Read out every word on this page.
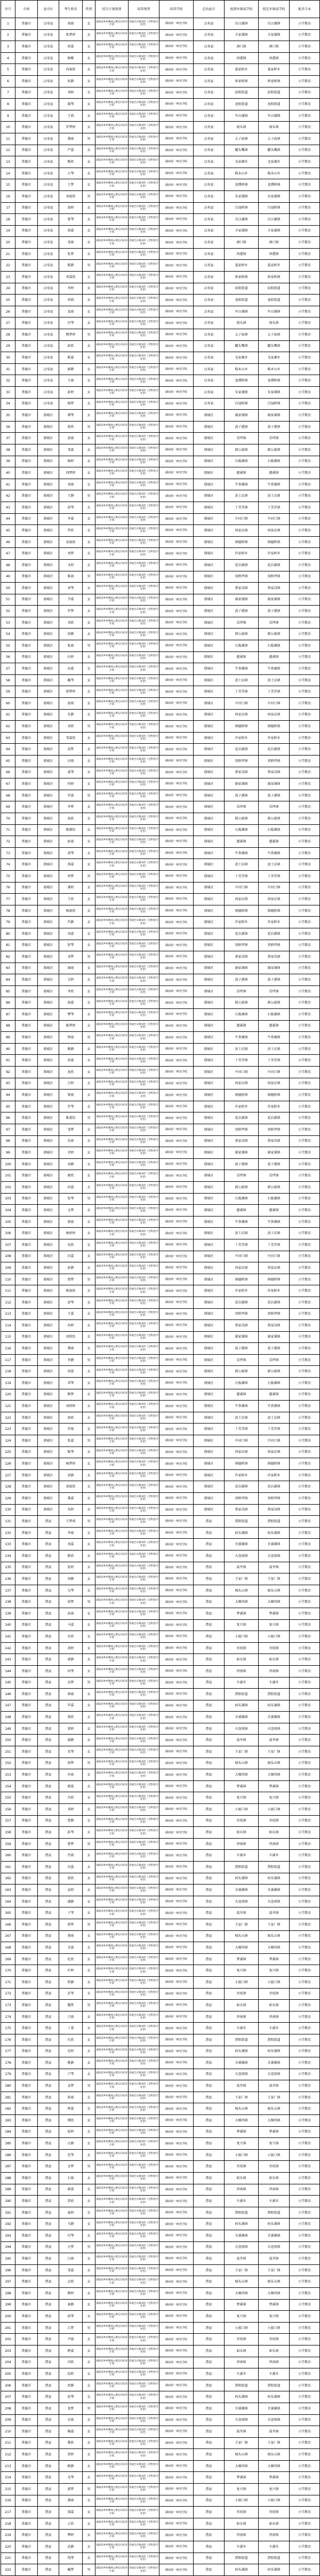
序号	市州	县市区	考生姓名	性别	招生计划类别	培养类型	培养学校	定向县市	报到乡镇或学校	拟定乡镇或学校	报名专业
1	常德市	汉寿县	胡雨	女	湖南省乡村教师公费定向培养计划	普通全日制本科（全科型/专业型）	湖南第一师范学院	汉寿县	岩汪湖镇	岩汪湖镇	小学教育
2	常德市	汉寿县	张梦婷	女	湖南省乡村教师公费定向培养计划	普通全日制本科（全科型/专业型）	湖南第一师范学院	汉寿县	丰家铺镇	丰家铺镇	小学教育
3	常德市	汉寿县	雷嘉	女	湖南省乡村教师公费定向培养计划	普通全日制本科（全科型/专业型）	湖南第一师范学院	汉寿县	洲口镇	洲口镇	小学教育
4	常德市	汉寿县	杨紫	女	湖南省乡村教师公费定向培养计划	普通全日制本科（全科型/专业型）	湖南第一师范学院	汉寿县	酉港镇	酉港镇	小学教育
5	常德市	汉寿县	向雨欣	女	湖南省乡村教师公费定向培养计划	普通全日制本科（全科型/专业型）	湖南第一师范学院	汉寿县	聂家桥乡	聂家桥乡	小学教育
6	常德市	汉寿县	张静	女	湖南省乡村教师公费定向培养计划	普通全日制本科（全科型/专业型）	湖南第一师范学院	汉寿县	崔家桥镇	崔家桥镇	小学教育
7	常德市	汉寿县	刘婷	女	湖南省乡村教师公费定向培养计划	普通全日制本科（全科型/专业型）	湖南第一师范学院	汉寿县	辰阳街道	辰阳街道	小学教育
8	常德市	汉寿县	谢琴	女	湖南省乡村教师公费定向培养计划	普通全日制本科（全科型/专业型）	湖南第一师范学院	汉寿县	龙阳街道	龙阳街道	小学教育
9	常德市	汉寿县	王莉	女	湖南省乡村教师公费定向培养计划	普通全日制本科（全科型/专业型）	湖南第一师范学院	汉寿县	军山铺镇	军山铺镇	小学教育
10	常德市	汉寿县	罗梦婷	女	湖南省乡村教师公费定向培养计划	普通全日制本科（全科型/专业型）	湖南第一师范学院	汉寿县	坡头镇	坡头镇	小学教育
11	常德市	汉寿县	龚雨	男	湖南省乡村教师公费定向培养计划	普通全日制本科（全科型/专业型）	湖南第一师范学院	汉寿县	太子庙镇	太子庙镇	小学教育
12	常德市	汉寿县	严嘉	女	湖南省乡村教师公费定向培养计划	普通全日制本科（全科型/专业型）	湖南第一师范学院	汉寿县	罐头嘴镇	罐头嘴镇	小学教育
13	常德市	汉寿县	熊欣	女	湖南省乡村教师公费定向培养计划	普通全日制本科（全科型/专业型）	湖南第一师范学院	汉寿县	毛家滩乡	毛家滩乡	小学教育
14	常德市	汉寿县	万琴	女	湖南省乡村教师公费定向培养计划	普通全日制本科（全科型/专业型）	湖南第一师范学院	汉寿县	株木山乡	株木山乡	小学教育
15	常德市	汉寿县	王梦	女	湖南省乡村教师公费定向培养计划	普通全日制本科（全科型/专业型）	湖南第一师范学院	汉寿县	龙潭桥镇	龙潭桥镇	小学教育
16	常德市	汉寿县	刘雨欣	男	湖南省乡村教师公费定向培养计划	普通全日制本科（全科型/专业型）	湖南第一师范学院	汉寿县	朱家铺镇	朱家铺镇	小学教育
17	常德市	汉寿县	黄婷	女	湖南省乡村教师公费定向培养计划	普通全日制本科（全科型/专业型）	湖南第一师范学院	汉寿县	百禄桥镇	百禄桥镇	小学教育
18	常德市	汉寿县	曾琴	女	湖南省乡村教师公费定向培养计划	普通全日制本科（全科型/专业型）	湖南第一师范学院	汉寿县	岩汪湖镇	岩汪湖镇	小学教育
19	常德市	汉寿县	胡嘉	女	湖南省乡村教师公费定向培养计划	普通全日制本科（全科型/专业型）	湖南第一师范学院	汉寿县	丰家铺镇	丰家铺镇	小学教育
20	常德市	汉寿县	邓雨	女	湖南省乡村教师公费定向培养计划	普通全日制本科（全科型/专业型）	湖南第一师范学院	汉寿县	洲口镇	洲口镇	小学教育
21	常德市	汉寿县	张梦	女	湖南省乡村教师公费定向培养计划	普通全日制本科（全科型/专业型）	湖南第一师范学院	汉寿县	酉港镇	酉港镇	小学教育
22	常德市	汉寿县	陈静	男	湖南省乡村教师公费定向培养计划	普通全日制本科（全科型/专业型）	湖南第一师范学院	汉寿县	聂家桥乡	聂家桥乡	小学教育
23	常德市	汉寿县	刘嘉欣	女	湖南省乡村教师公费定向培养计划	普通全日制本科（全科型/专业型）	湖南第一师范学院	汉寿县	崔家桥镇	崔家桥镇	小学教育
24	常德市	汉寿县	李婷	女	湖南省乡村教师公费定向培养计划	普通全日制本科（全科型/专业型）	湖南第一师范学院	汉寿县	辰阳街道	辰阳街道	小学教育
25	常德市	汉寿县	周莉	女	湖南省乡村教师公费定向培养计划	普通全日制本科（全科型/专业型）	湖南第一师范学院	汉寿县	龙阳街道	龙阳街道	小学教育
26	常德市	汉寿县	龙雨	女	湖南省乡村教师公费定向培养计划	普通全日制本科（全科型/专业型）	湖南第一师范学院	汉寿县	军山铺镇	军山铺镇	小学教育
27	常德市	汉寿县	付琴	女	湖南省乡村教师公费定向培养计划	普通全日制本科（全科型/专业型）	湖南第一师范学院	汉寿县	坡头镇	坡头镇	小学教育
28	常德市	汉寿县	熊梦婷	男	湖南省乡村教师公费定向培养计划	普通全日制本科（全科型/专业型）	湖南第一师范学院	汉寿县	太子庙镇	太子庙镇	小学教育
29	常德市	汉寿县	彭欣	女	湖南省乡村教师公费定向培养计划	普通全日制本科（全科型/专业型）	湖南第一师范学院	汉寿县	罐头嘴镇	罐头嘴镇	小学教育
30	常德市	汉寿县	陈嘉	女	湖南省乡村教师公费定向培养计划	普通全日制本科（全科型/专业型）	湖南第一师范学院	汉寿县	毛家滩乡	毛家滩乡	小学教育
31	常德市	汉寿县	廖静	女	湖南省乡村教师公费定向培养计划	普通全日制本科（全科型/专业型）	湖南第一师范学院	汉寿县	株木山乡	株木山乡	小学教育
32	常德市	汉寿县	王雨	女	湖南省乡村教师公费定向培养计划	普通全日制本科（全科型/专业型）	湖南第一师范学院	汉寿县	龙潭桥镇	龙潭桥镇	小学教育
33	常德市	汉寿县	彭婷	女	湖南省乡村教师公费定向培养计划	普通全日制本科（全科型/专业型）	湖南第一师范学院	汉寿县	朱家铺镇	朱家铺镇	小学教育
34	常德市	汉寿县	杨梦	女	湖南省乡村教师公费定向培养计划	普通全日制本科（全科型/专业型）	湖南第一师范学院	汉寿县	百禄桥镇	百禄桥镇	小学教育
35	常德市	鼎城区	谭琴	女	湖南省乡村教师公费定向培养计划	普通全日制本科（全科型/专业型）	湖南第一师范学院	鼎城区	谢家铺镇	谢家铺镇	小学教育
36	常德市	鼎城区	蒋欣	男	湖南省乡村教师公费定向培养计划	普通全日制本科（全科型/专业型）	湖南第一师范学院	鼎城区	蒿子港镇	蒿子港镇	小学教育
37	常德市	鼎城区	黄雨	女	湖南省乡村教师公费定向培养计划	普通全日制本科（全科型/专业型）	湖南第一师范学院	鼎城区	草坪镇	草坪镇	小学教育
38	常德市	鼎城区	邹嘉	女	湖南省乡村教师公费定向培养计划	普通全日制本科（全科型/专业型）	湖南第一师范学院	鼎城区	韩公渡镇	韩公渡镇	小学教育
39	常德市	鼎城区	杨婷	女	湖南省乡村教师公费定向培养计划	普通全日制本科（全科型/专业型）	湖南第一师范学院	鼎城区	石板滩镇	石板滩镇	小学教育
40	常德市	鼎城区	周梦婷	女	湖南省乡村教师公费定向培养计划	普通全日制本科（全科型/专业型）	湖南第一师范学院	鼎城区	灌溪镇	灌溪镇	小学教育
41	常德市	鼎城区	刘雨	女	湖南省乡村教师公费定向培养计划	普通全日制本科（全科型/专业型）	湖南第一师范学院	鼎城区	牛鼻滩镇	牛鼻滩镇	小学教育
42	常德市	鼎城区	王静	男	湖南省乡村教师公费定向培养计划	普通全日制本科（全科型/专业型）	湖南第一师范学院	鼎城区	黄土店镇	黄土店镇	小学教育
43	常德市	鼎城区	唐琴	女	湖南省乡村教师公费定向培养计划	普通全日制本科（全科型/专业型）	湖南第一师范学院	鼎城区	十美堂镇	十美堂镇	小学教育
44	常德市	鼎城区	李嘉	女	湖南省乡村教师公费定向培养计划	普通全日制本科（全科型/专业型）	湖南第一师范学院	鼎城区	中河口镇	中河口镇	小学教育
45	常德市	鼎城区	罗欣	女	湖南省乡村教师公费定向培养计划	普通全日制本科（全科型/专业型）	湖南第一师范学院	鼎城区	周家店镇	周家店镇	小学教育
46	常德市	鼎城区	易雨欣	女	湖南省乡村教师公费定向培养计划	普通全日制本科（全科型/专业型）	湖南第一师范学院	鼎城区	镇德桥镇	镇德桥镇	小学教育
47	常德市	鼎城区	刘梦	女	湖南省乡村教师公费定向培养计划	普通全日制本科（全科型/专业型）	湖南第一师范学院	鼎城区	许家桥乡	许家桥乡	小学教育
48	常德市	鼎城区	文婷	女	湖南省乡村教师公费定向培养计划	普通全日制本科（全科型/专业型）	湖南第一师范学院	鼎城区	花岩溪镇	花岩溪镇	小学教育
49	常德市	鼎城区	陈雨	男	湖南省乡村教师公费定向培养计划	普通全日制本科（全科型/专业型）	湖南第一师范学院	鼎城区	双桥坪镇	双桥坪镇	小学教育
50	常德市	鼎城区	刘琴	女	湖南省乡村教师公费定向培养计划	普通全日制本科（全科型/专业型）	湖南第一师范学院	鼎城区	蔡家岗镇	蔡家岗镇	小学教育
51	常德市	鼎城区	尹嘉	女	湖南省乡村教师公费定向培养计划	普通全日制本科（全科型/专业型）	湖南第一师范学院	鼎城区	谢家铺镇	谢家铺镇	小学教育
52	常德市	鼎城区	罗梦	女	湖南省乡村教师公费定向培养计划	普通全日制本科（全科型/专业型）	湖南第一师范学院	鼎城区	蒿子港镇	蒿子港镇	小学教育
53	常德市	鼎城区	邓欣	女	湖南省乡村教师公费定向培养计划	普通全日制本科（全科型/专业型）	湖南第一师范学院	鼎城区	草坪镇	草坪镇	小学教育
54	常德市	鼎城区	徐静	女	湖南省乡村教师公费定向培养计划	普通全日制本科（全科型/专业型）	湖南第一师范学院	鼎城区	韩公渡镇	韩公渡镇	小学教育
55	常德市	鼎城区	张雨	男	湖南省乡村教师公费定向培养计划	普通全日制本科（全科型/专业型）	湖南第一师范学院	鼎城区	石板滩镇	石板滩镇	小学教育
56	常德市	鼎城区	伍婷	女	湖南省乡村教师公费定向培养计划	普通全日制本科（全科型/专业型）	湖南第一师范学院	鼎城区	灌溪镇	灌溪镇	小学教育
57	常德市	鼎城区	向嘉	女	湖南省乡村教师公费定向培养计划	普通全日制本科（全科型/专业型）	湖南第一师范学院	鼎城区	牛鼻滩镇	牛鼻滩镇	小学教育
58	常德市	鼎城区	戴琴	女	湖南省乡村教师公费定向培养计划	普通全日制本科（全科型/专业型）	湖南第一师范学院	鼎城区	黄土店镇	黄土店镇	小学教育
59	常德市	鼎城区	蒋梦婷	女	湖南省乡村教师公费定向培养计划	普通全日制本科（全科型/专业型）	湖南第一师范学院	鼎城区	十美堂镇	十美堂镇	小学教育
60	常德市	鼎城区	唐雨	女	湖南省乡村教师公费定向培养计划	普通全日制本科（全科型/专业型）	湖南第一师范学院	鼎城区	中河口镇	中河口镇	小学教育
61	常德市	鼎城区	朱静	女	湖南省乡村教师公费定向培养计划	普通全日制本科（全科型/专业型）	湖南第一师范学院	鼎城区	周家店镇	周家店镇	小学教育
62	常德市	鼎城区	刘欣	男	湖南省乡村教师公费定向培养计划	普通全日制本科（全科型/专业型）	湖南第一师范学院	鼎城区	镇德桥镇	镇德桥镇	小学教育
63	常德市	鼎城区	邹嘉欣	女	湖南省乡村教师公费定向培养计划	普通全日制本科（全科型/专业型）	湖南第一师范学院	鼎城区	许家桥乡	许家桥乡	小学教育
64	常德市	鼎城区	黄梦	女	湖南省乡村教师公费定向培养计划	普通全日制本科（全科型/专业型）	湖南第一师范学院	鼎城区	花岩溪镇	花岩溪镇	小学教育
65	常德市	鼎城区	田雨	女	湖南省乡村教师公费定向培养计划	普通全日制本科（全科型/专业型）	湖南第一师范学院	鼎城区	双桥坪镇	双桥坪镇	小学教育
66	常德市	鼎城区	聂琴	女	湖南省乡村教师公费定向培养计划	普通全日制本科（全科型/专业型）	湖南第一师范学院	鼎城区	蔡家岗镇	蔡家岗镇	小学教育
67	常德市	鼎城区	何婷	女	湖南省乡村教师公费定向培养计划	普通全日制本科（全科型/专业型）	湖南第一师范学院	鼎城区	谢家铺镇	谢家铺镇	小学教育
68	常德市	鼎城区	罗嘉	男	湖南省乡村教师公费定向培养计划	普通全日制本科（全科型/专业型）	湖南第一师范学院	鼎城区	蒿子港镇	蒿子港镇	小学教育
69	常德市	鼎城区	李梦	女	湖南省乡村教师公费定向培养计划	普通全日制本科（全科型/专业型）	湖南第一师范学院	鼎城区	草坪镇	草坪镇	小学教育
70	常德市	鼎城区	汤欣	女	湖南省乡村教师公费定向培养计划	普通全日制本科（全科型/专业型）	湖南第一师范学院	鼎城区	韩公渡镇	韩公渡镇	小学教育
71	常德市	鼎城区	陈静怡	女	湖南省乡村教师公费定向培养计划	普通全日制本科（全科型/专业型）	湖南第一师范学院	鼎城区	石板滩镇	石板滩镇	小学教育
72	常德市	鼎城区	彭雨	女	湖南省乡村教师公费定向培养计划	普通全日制本科（全科型/专业型）	湖南第一师范学院	鼎城区	灌溪镇	灌溪镇	小学教育
73	常德市	鼎城区	胡琴	女	湖南省乡村教师公费定向培养计划	普通全日制本科（全科型/专业型）	湖南第一师范学院	鼎城区	牛鼻滩镇	牛鼻滩镇	小学教育
74	常德市	鼎城区	郑嘉	女	湖南省乡村教师公费定向培养计划	普通全日制本科（全科型/专业型）	湖南第一师范学院	鼎城区	黄土店镇	黄土店镇	小学教育
75	常德市	鼎城区	周梦	男	湖南省乡村教师公费定向培养计划	普通全日制本科（全科型/专业型）	湖南第一师范学院	鼎城区	十美堂镇	十美堂镇	小学教育
76	常德市	鼎城区	龚婷	女	湖南省乡村教师公费定向培养计划	普通全日制本科（全科型/专业型）	湖南第一师范学院	鼎城区	中河口镇	中河口镇	小学教育
77	常德市	鼎城区	王欣	女	湖南省乡村教师公费定向培养计划	普通全日制本科（全科型/专业型）	湖南第一师范学院	鼎城区	周家店镇	周家店镇	小学教育
78	常德市	鼎城区	杨雨欣	女	湖南省乡村教师公费定向培养计划	普通全日制本科（全科型/专业型）	湖南第一师范学院	鼎城区	镇德桥镇	镇德桥镇	小学教育
79	常德市	鼎城区	肖静	女	湖南省乡村教师公费定向培养计划	普通全日制本科（全科型/专业型）	湖南第一师范学院	鼎城区	许家桥乡	许家桥乡	小学教育
80	常德市	鼎城区	刘嘉	女	湖南省乡村教师公费定向培养计划	普通全日制本科（全科型/专业型）	湖南第一师范学院	鼎城区	花岩溪镇	花岩溪镇	小学教育
81	常德市	鼎城区	舒琴	女	湖南省乡村教师公费定向培养计划	普通全日制本科（全科型/专业型）	湖南第一师范学院	鼎城区	双桥坪镇	双桥坪镇	小学教育
82	常德市	鼎城区	邓梦	男	湖南省乡村教师公费定向培养计划	普通全日制本科（全科型/专业型）	湖南第一师范学院	鼎城区	蔡家岗镇	蔡家岗镇	小学教育
83	常德市	鼎城区	谢雨	女	湖南省乡村教师公费定向培养计划	普通全日制本科（全科型/专业型）	湖南第一师范学院	鼎城区	谢家铺镇	谢家铺镇	小学教育
84	常德市	鼎城区	吴婷	女	湖南省乡村教师公费定向培养计划	普通全日制本科（全科型/专业型）	湖南第一师范学院	鼎城区	蒿子港镇	蒿子港镇	小学教育
85	常德市	鼎城区	李欣	女	湖南省乡村教师公费定向培养计划	普通全日制本科（全科型/专业型）	湖南第一师范学院	鼎城区	草坪镇	草坪镇	小学教育
86	常德市	鼎城区	唐嘉	女	湖南省乡村教师公费定向培养计划	普通全日制本科（全科型/专业型）	湖南第一师范学院	鼎城区	韩公渡镇	韩公渡镇	小学教育
87	常德市	鼎城区	覃琴	女	湖南省乡村教师公费定向培养计划	普通全日制本科（全科型/专业型）	湖南第一师范学院	鼎城区	石板滩镇	石板滩镇	小学教育
88	常德市	鼎城区	陈梦婷	女	湖南省乡村教师公费定向培养计划	普通全日制本科（全科型/专业型）	湖南第一师范学院	鼎城区	灌溪镇	灌溪镇	小学教育
89	常德市	鼎城区	钟雨	男	湖南省乡村教师公费定向培养计划	普通全日制本科（全科型/专业型）	湖南第一师范学院	鼎城区	牛鼻滩镇	牛鼻滩镇	小学教育
90	常德市	鼎城区	熊静	女	湖南省乡村教师公费定向培养计划	普通全日制本科（全科型/专业型）	湖南第一师范学院	鼎城区	黄土店镇	黄土店镇	小学教育
91	常德市	鼎城区	黄嘉	女	湖南省乡村教师公费定向培养计划	普通全日制本科（全科型/专业型）	湖南第一师范学院	鼎城区	十美堂镇	十美堂镇	小学教育
92	常德市	鼎城区	龙欣	女	湖南省乡村教师公费定向培养计划	普通全日制本科（全科型/专业型）	湖南第一师范学院	鼎城区	中河口镇	中河口镇	小学教育
93	常德市	鼎城区	汪婷	女	湖南省乡村教师公费定向培养计划	普通全日制本科（全科型/专业型）	湖南第一师范学院	鼎城区	周家店镇	周家店镇	小学教育
94	常德市	鼎城区	曾雨	女	湖南省乡村教师公费定向培养计划	普通全日制本科（全科型/专业型）	湖南第一师范学院	鼎城区	镇德桥镇	镇德桥镇	小学教育
95	常德市	鼎城区	罗琴	女	湖南省乡村教师公费定向培养计划	普通全日制本科（全科型/专业型）	湖南第一师范学院	鼎城区	许家桥乡	许家桥乡	小学教育
96	常德市	鼎城区	陈嘉怡	男	湖南省乡村教师公费定向培养计划	普通全日制本科（全科型/专业型）	湖南第一师范学院	鼎城区	花岩溪镇	花岩溪镇	小学教育
97	常德市	鼎城区	邹梦	女	湖南省乡村教师公费定向培养计划	普通全日制本科（全科型/专业型）	湖南第一师范学院	鼎城区	双桥坪镇	双桥坪镇	小学教育
98	常德市	鼎城区	朱雨	女	湖南省乡村教师公费定向培养计划	普通全日制本科（全科型/专业型）	湖南第一师范学院	鼎城区	蔡家岗镇	蔡家岗镇	小学教育
99	常德市	鼎城区	余婷	女	湖南省乡村教师公费定向培养计划	普通全日制本科（全科型/专业型）	湖南第一师范学院	鼎城区	谢家铺镇	谢家铺镇	小学教育
100	常德市	鼎城区	刘静	女	湖南省乡村教师公费定向培养计划	普通全日制本科（全科型/专业型）	湖南第一师范学院	鼎城区	蒿子港镇	蒿子港镇	小学教育
101	常德市	鼎城区	廖欣	女	湖南省乡村教师公费定向培养计划	普通全日制本科（全科型/专业型）	湖南第一师范学院	鼎城区	草坪镇	草坪镇	小学教育
102	常德市	鼎城区	何嘉	女	湖南省乡村教师公费定向培养计划	普通全日制本科（全科型/专业型）	湖南第一师范学院	鼎城区	韩公渡镇	韩公渡镇	小学教育
103	常德市	鼎城区	张琴	男	湖南省乡村教师公费定向培养计划	普通全日制本科（全科型/专业型）	湖南第一师范学院	鼎城区	石板滩镇	石板滩镇	小学教育
104	常德市	鼎城区	文梦	女	湖南省乡村教师公费定向培养计划	普通全日制本科（全科型/专业型）	湖南第一师范学院	鼎城区	灌溪镇	灌溪镇	小学教育
105	常德市	鼎城区	郭雨	女	湖南省乡村教师公费定向培养计划	普通全日制本科（全科型/专业型）	湖南第一师范学院	鼎城区	牛鼻滩镇	牛鼻滩镇	小学教育
106	常德市	鼎城区	杨婷婷	女	湖南省乡村教师公费定向培养计划	普通全日制本科（全科型/专业型）	湖南第一师范学院	鼎城区	黄土店镇	黄土店镇	小学教育
107	常德市	鼎城区	易欣	女	湖南省乡村教师公费定向培养计划	普通全日制本科（全科型/专业型）	湖南第一师范学院	鼎城区	十美堂镇	十美堂镇	小学教育
108	常德市	鼎城区	田嘉	女	湖南省乡村教师公费定向培养计划	普通全日制本科（全科型/专业型）	湖南第一师范学院	鼎城区	中河口镇	中河口镇	小学教育
109	常德市	鼎城区	彭静	女	湖南省乡村教师公费定向培养计划	普通全日制本科（全科型/专业型）	湖南第一师范学院	鼎城区	周家店镇	周家店镇	小学教育
110	常德市	鼎城区	蔡梦	男	湖南省乡村教师公费定向培养计划	普通全日制本科（全科型/专业型）	湖南第一师范学院	鼎城区	镇德桥镇	镇德桥镇	小学教育
111	常德市	鼎城区	陈雨欣	女	湖南省乡村教师公费定向培养计划	普通全日制本科（全科型/专业型）	湖南第一师范学院	鼎城区	许家桥乡	许家桥乡	小学教育
112	常德市	鼎城区	黄琴	女	湖南省乡村教师公费定向培养计划	普通全日制本科（全科型/专业型）	湖南第一师范学院	鼎城区	花岩溪镇	花岩溪镇	小学教育
113	常德市	鼎城区	王嘉	女	湖南省乡村教师公费定向培养计划	普通全日制本科（全科型/专业型）	湖南第一师范学院	鼎城区	双桥坪镇	双桥坪镇	小学教育
114	常德市	鼎城区	向婷	女	湖南省乡村教师公费定向培养计划	普通全日制本科（全科型/专业型）	湖南第一师范学院	鼎城区	蔡家岗镇	蔡家岗镇	小学教育
115	常德市	鼎城区	刘欣怡	女	湖南省乡村教师公费定向培养计划	普通全日制本科（全科型/专业型）	湖南第一师范学院	鼎城区	谢家铺镇	谢家铺镇	小学教育
116	常德市	鼎城区	谭雨	女	湖南省乡村教师公费定向培养计划	普通全日制本科（全科型/专业型）	湖南第一师范学院	鼎城区	蒿子港镇	蒿子港镇	小学教育
117	常德市	鼎城区	李静	男	湖南省乡村教师公费定向培养计划	普通全日制本科（全科型/专业型）	湖南第一师范学院	鼎城区	草坪镇	草坪镇	小学教育
118	常德市	鼎城区	周嘉	女	湖南省乡村教师公费定向培养计划	普通全日制本科（全科型/专业型）	湖南第一师范学院	鼎城区	韩公渡镇	韩公渡镇	小学教育
119	常德市	鼎城区	邓琴	女	湖南省乡村教师公费定向培养计划	普通全日制本科（全科型/专业型）	湖南第一师范学院	鼎城区	石板滩镇	石板滩镇	小学教育
120	常德市	鼎城区	熊梦	女	湖南省乡村教师公费定向培养计划	普通全日制本科（全科型/专业型）	湖南第一师范学院	鼎城区	灌溪镇	灌溪镇	小学教育
121	常德市	鼎城区	刘婷婷	女	湖南省乡村教师公费定向培养计划	普通全日制本科（全科型/专业型）	湖南第一师范学院	鼎城区	牛鼻滩镇	牛鼻滩镇	小学教育
122	常德市	鼎城区	唐欣	女	湖南省乡村教师公费定向培养计划	普通全日制本科（全科型/专业型）	湖南第一师范学院	鼎城区	黄土店镇	黄土店镇	小学教育
123	常德市	鼎城区	罗雨	女	湖南省乡村教师公费定向培养计划	普通全日制本科（全科型/专业型）	湖南第一师范学院	鼎城区	十美堂镇	十美堂镇	小学教育
124	常德市	鼎城区	张嘉	男	湖南省乡村教师公费定向培养计划	普通全日制本科（全科型/专业型）	湖南第一师范学院	鼎城区	中河口镇	中河口镇	小学教育
125	常德市	鼎城区	陈琴	女	湖南省乡村教师公费定向培养计划	普通全日制本科（全科型/专业型）	湖南第一师范学院	鼎城区	周家店镇	周家店镇	小学教育
126	常德市	鼎城区	杨梦婷	女	湖南省乡村教师公费定向培养计划	普通全日制本科（全科型/专业型）	湖南第一师范学院	鼎城区	镇德桥镇	镇德桥镇	小学教育
127	常德市	鼎城区	黄静	女	湖南省乡村教师公费定向培养计划	普通全日制本科（全科型/专业型）	湖南第一师范学院	鼎城区	许家桥乡	许家桥乡	小学教育
128	常德市	鼎城区	胡雨欣	女	湖南省乡村教师公费定向培养计划	普通全日制本科（全科型/专业型）	湖南第一师范学院	鼎城区	花岩溪镇	花岩溪镇	小学教育
129	常德市	鼎城区	龚嘉	女	湖南省乡村教师公费定向培养计划	普通全日制本科（全科型/专业型）	湖南第一师范学院	鼎城区	双桥坪镇	双桥坪镇	小学教育
130	常德市	鼎城区	宋婷	女	湖南省乡村教师公费定向培养计划	普通全日制本科（全科型/专业型）	湖南第一师范学院	鼎城区	蔡家岗镇	蔡家岗镇	小学教育
131	常德市	澧县	王梦琪	男	湖南省乡村教师公费定向培养计划	普通全日制本科（全科型/专业型）	湖南第一师范学院	澧县	澧阳街道	澧阳街道	小学教育
132	常德市	澧县	李雨	女	湖南省乡村教师公费定向培养计划	普通全日制本科（全科型/专业型）	湖南第一师范学院	澧县	码头铺镇	码头铺镇	小学教育
133	常德市	澧县	刘嘉	女	湖南省乡村教师公费定向培养计划	普通全日制本科（全科型/专业型）	湖南第一师范学院	澧县	甘溪滩镇	甘溪滩镇	小学教育
134	常德市	澧县	陈欣	女	湖南省乡村教师公费定向培养计划	普通全日制本科（全科型/专业型）	湖南第一师范学院	澧县	火连坡镇	火连坡镇	小学教育
135	常德市	澧县	张婷	女	湖南省乡村教师公费定向培养计划	普通全日制本科（全科型/专业型）	湖南第一师范学院	澧县	盐井镇	盐井镇	小学教育
136	常德市	澧县	周静	女	湖南省乡村教师公费定向培养计划	普通全日制本科（全科型/专业型）	湖南第一师范学院	澧县	王家厂镇	王家厂镇	小学教育
137	常德市	澧县	吴琴	女	湖南省乡村教师公费定向培养计划	普通全日制本科（全科型/专业型）	湖南第一师范学院	澧县	城头山镇	城头山镇	小学教育
138	常德市	澧县	徐梦	男	湖南省乡村教师公费定向培养计划	普通全日制本科（全科型/专业型）	湖南第一师范学院	澧县	大堰垱镇	大堰垱镇	小学教育
139	常德市	澧县	孙雨	女	湖南省乡村教师公费定向培养计划	普通全日制本科（全科型/专业型）	湖南第一师范学院	澧县	梦溪镇	梦溪镇	小学教育
140	常德市	澧县	马嘉	女	湖南省乡村教师公费定向培养计划	普通全日制本科（全科型/专业型）	湖南第一师范学院	澧县	复兴镇	复兴镇	小学教育
141	常德市	澧县	朱欣	女	湖南省乡村教师公费定向培养计划	普通全日制本科（全科型/专业型）	湖南第一师范学院	澧县	小渡口镇	小渡口镇	小学教育
142	常德市	澧县	胡婷	女	湖南省乡村教师公费定向培养计划	普通全日制本科（全科型/专业型）	湖南第一师范学院	澧县	官垸镇	官垸镇	小学教育
143	常德市	澧县	郭静	女	湖南省乡村教师公费定向培养计划	普通全日制本科（全科型/专业型）	湖南第一师范学院	澧县	如东镇	如东镇	小学教育
144	常德市	澧县	何琴	女	湖南省乡村教师公费定向培养计划	普通全日制本科（全科型/专业型）	湖南第一师范学院	澧县	涔南镇	涔南镇	小学教育
145	常德市	澧县	高梦	男	湖南省乡村教师公费定向培养计划	普通全日制本科（全科型/专业型）	湖南第一师范学院	澧县	车溪乡	车溪乡	小学教育
146	常德市	澧县	林雨	女	湖南省乡村教师公费定向培养计划	普通全日制本科（全科型/专业型）	湖南第一师范学院	澧县	澧阳街道	澧阳街道	小学教育
147	常德市	澧县	罗嘉	女	湖南省乡村教师公费定向培养计划	普通全日制本科（全科型/专业型）	湖南第一师范学院	澧县	码头铺镇	码头铺镇	小学教育
148	常德市	澧县	郑欣	女	湖南省乡村教师公费定向培养计划	普通全日制本科（全科型/专业型）	湖南第一师范学院	澧县	甘溪滩镇	甘溪滩镇	小学教育
149	常德市	澧县	梁婷	女	湖南省乡村教师公费定向培养计划	普通全日制本科（全科型/专业型）	湖南第一师范学院	澧县	火连坡镇	火连坡镇	小学教育
150	常德市	澧县	谢静	女	湖南省乡村教师公费定向培养计划	普通全日制本科（全科型/专业型）	湖南第一师范学院	澧县	盐井镇	盐井镇	小学教育
151	常德市	澧县	宋琴	女	湖南省乡村教师公费定向培养计划	普通全日制本科（全科型/专业型）	湖南第一师范学院	澧县	王家厂镇	王家厂镇	小学教育
152	常德市	澧县	唐梦	男	湖南省乡村教师公费定向培养计划	普通全日制本科（全科型/专业型）	湖南第一师范学院	澧县	城头山镇	城头山镇	小学教育
153	常德市	澧县	许雨	女	湖南省乡村教师公费定向培养计划	普通全日制本科（全科型/专业型）	湖南第一师范学院	澧县	大堰垱镇	大堰垱镇	小学教育
154	常德市	澧县	韩嘉	女	湖南省乡村教师公费定向培养计划	普通全日制本科（全科型/专业型）	湖南第一师范学院	澧县	梦溪镇	梦溪镇	小学教育
155	常德市	澧县	冯欣	女	湖南省乡村教师公费定向培养计划	普通全日制本科（全科型/专业型）	湖南第一师范学院	澧县	复兴镇	复兴镇	小学教育
156	常德市	澧县	邓婷	女	湖南省乡村教师公费定向培养计划	普通全日制本科（全科型/专业型）	湖南第一师范学院	澧县	小渡口镇	小渡口镇	小学教育
157	常德市	澧县	曹静	女	湖南省乡村教师公费定向培养计划	普通全日制本科（全科型/专业型）	湖南第一师范学院	澧县	官垸镇	官垸镇	小学教育
158	常德市	澧县	彭琴	女	湖南省乡村教师公费定向培养计划	普通全日制本科（全科型/专业型）	湖南第一师范学院	澧县	如东镇	如东镇	小学教育
159	常德市	澧县	曾梦	男	湖南省乡村教师公费定向培养计划	普通全日制本科（全科型/专业型）	湖南第一师范学院	澧县	涔南镇	涔南镇	小学教育
160	常德市	澧县	肖雨	女	湖南省乡村教师公费定向培养计划	普通全日制本科（全科型/专业型）	湖南第一师范学院	澧县	车溪乡	车溪乡	小学教育
161	常德市	澧县	田嘉	女	湖南省乡村教师公费定向培养计划	普通全日制本科（全科型/专业型）	湖南第一师范学院	澧县	澧阳街道	澧阳街道	小学教育
162	常德市	澧县	董欣	女	湖南省乡村教师公费定向培养计划	普通全日制本科（全科型/专业型）	湖南第一师范学院	澧县	码头铺镇	码头铺镇	小学教育
163	常德市	澧县	袁婷	女	湖南省乡村教师公费定向培养计划	普通全日制本科（全科型/专业型）	湖南第一师范学院	澧县	甘溪滩镇	甘溪滩镇	小学教育
164	常德市	澧县	潘静	女	湖南省乡村教师公费定向培养计划	普通全日制本科（全科型/专业型）	湖南第一师范学院	澧县	火连坡镇	火连坡镇	小学教育
165	常德市	澧县	于琴	女	湖南省乡村教师公费定向培养计划	普通全日制本科（全科型/专业型）	湖南第一师范学院	澧县	盐井镇	盐井镇	小学教育
166	常德市	澧县	蒋梦	男	湖南省乡村教师公费定向培养计划	普通全日制本科（全科型/专业型）	湖南第一师范学院	澧县	王家厂镇	王家厂镇	小学教育
167	常德市	澧县	蔡雨	女	湖南省乡村教师公费定向培养计划	普通全日制本科（全科型/专业型）	湖南第一师范学院	澧县	城头山镇	城头山镇	小学教育
168	常德市	澧县	余嘉	女	湖南省乡村教师公费定向培养计划	普通全日制本科（全科型/专业型）	湖南第一师范学院	澧县	大堰垱镇	大堰垱镇	小学教育
169	常德市	澧县	杜欣	女	湖南省乡村教师公费定向培养计划	普通全日制本科（全科型/专业型）	湖南第一师范学院	澧县	梦溪镇	梦溪镇	小学教育
170	常德市	澧县	叶婷	女	湖南省乡村教师公费定向培养计划	普通全日制本科（全科型/专业型）	湖南第一师范学院	澧县	复兴镇	复兴镇	小学教育
171	常德市	澧县	程静	女	湖南省乡村教师公费定向培养计划	普通全日制本科（全科型/专业型）	湖南第一师范学院	澧县	小渡口镇	小渡口镇	小学教育
172	常德市	澧县	苏琴	女	湖南省乡村教师公费定向培养计划	普通全日制本科（全科型/专业型）	湖南第一师范学院	澧县	官垸镇	官垸镇	小学教育
173	常德市	澧县	魏梦	男	湖南省乡村教师公费定向培养计划	普通全日制本科（全科型/专业型）	湖南第一师范学院	澧县	如东镇	如东镇	小学教育
174	常德市	澧县	吕雨	女	湖南省乡村教师公费定向培养计划	普通全日制本科（全科型/专业型）	湖南第一师范学院	澧县	涔南镇	涔南镇	小学教育
175	常德市	澧县	丁嘉	女	湖南省乡村教师公费定向培养计划	普通全日制本科（全科型/专业型）	湖南第一师范学院	澧县	车溪乡	车溪乡	小学教育
176	常德市	澧县	任欣	女	湖南省乡村教师公费定向培养计划	普通全日制本科（全科型/专业型）	湖南第一师范学院	澧县	澧阳街道	澧阳街道	小学教育
177	常德市	澧县	沈婷	女	湖南省乡村教师公费定向培养计划	普通全日制本科（全科型/专业型）	湖南第一师范学院	澧县	码头铺镇	码头铺镇	小学教育
178	常德市	澧县	姚静	女	湖南省乡村教师公费定向培养计划	普通全日制本科（全科型/专业型）	湖南第一师范学院	澧县	甘溪滩镇	甘溪滩镇	小学教育
179	常德市	澧县	卢琴	女	湖南省乡村教师公费定向培养计划	普通全日制本科（全科型/专业型）	湖南第一师范学院	澧县	火连坡镇	火连坡镇	小学教育
180	常德市	澧县	姜梦	男	湖南省乡村教师公费定向培养计划	普通全日制本科（全科型/专业型）	湖南第一师范学院	澧县	盐井镇	盐井镇	小学教育
181	常德市	澧县	崔雨	女	湖南省乡村教师公费定向培养计划	普通全日制本科（全科型/专业型）	湖南第一师范学院	澧县	王家厂镇	王家厂镇	小学教育
182	常德市	澧县	钟嘉	女	湖南省乡村教师公费定向培养计划	普通全日制本科（全科型/专业型）	湖南第一师范学院	澧县	城头山镇	城头山镇	小学教育
183	常德市	澧县	谭欣	女	湖南省乡村教师公费定向培养计划	普通全日制本科（全科型/专业型）	湖南第一师范学院	澧县	大堰垱镇	大堰垱镇	小学教育
184	常德市	澧县	陆婷	女	湖南省乡村教师公费定向培养计划	普通全日制本科（全科型/专业型）	湖南第一师范学院	澧县	梦溪镇	梦溪镇	小学教育
185	常德市	澧县	汪静	女	湖南省乡村教师公费定向培养计划	普通全日制本科（全科型/专业型）	湖南第一师范学院	澧县	复兴镇	复兴镇	小学教育
186	常德市	澧县	范琴	女	湖南省乡村教师公费定向培养计划	普通全日制本科（全科型/专业型）	湖南第一师范学院	澧县	小渡口镇	小渡口镇	小学教育
187	常德市	澧县	金梦	男	湖南省乡村教师公费定向培养计划	普通全日制本科（全科型/专业型）	湖南第一师范学院	澧县	官垸镇	官垸镇	小学教育
188	常德市	澧县	石雨	女	湖南省乡村教师公费定向培养计划	普通全日制本科（全科型/专业型）	湖南第一师范学院	澧县	如东镇	如东镇	小学教育
189	常德市	澧县	廖嘉	女	湖南省乡村教师公费定向培养计划	普通全日制本科（全科型/专业型）	湖南第一师范学院	澧县	涔南镇	涔南镇	小学教育
190	常德市	澧县	贾欣	女	湖南省乡村教师公费定向培养计划	普通全日制本科（全科型/专业型）	湖南第一师范学院	澧县	车溪乡	车溪乡	小学教育
191	常德市	澧县	夏婷	女	湖南省乡村教师公费定向培养计划	普通全日制本科（全科型/专业型）	湖南第一师范学院	澧县	澧阳街道	澧阳街道	小学教育
192	常德市	澧县	韦静	女	湖南省乡村教师公费定向培养计划	普通全日制本科（全科型/专业型）	湖南第一师范学院	澧县	码头铺镇	码头铺镇	小学教育
193	常德市	澧县	付琴	女	湖南省乡村教师公费定向培养计划	普通全日制本科（全科型/专业型）	湖南第一师范学院	澧县	甘溪滩镇	甘溪滩镇	小学教育
194	常德市	澧县	方梦	男	湖南省乡村教师公费定向培养计划	普通全日制本科（全科型/专业型）	湖南第一师范学院	澧县	火连坡镇	火连坡镇	小学教育
195	常德市	澧县	白雨	女	湖南省乡村教师公费定向培养计划	普通全日制本科（全科型/专业型）	湖南第一师范学院	澧县	盐井镇	盐井镇	小学教育
196	常德市	澧县	邹嘉	女	湖南省乡村教师公费定向培养计划	普通全日制本科（全科型/专业型）	湖南第一师范学院	澧县	王家厂镇	王家厂镇	小学教育
197	常德市	澧县	孟欣	女	湖南省乡村教师公费定向培养计划	普通全日制本科（全科型/专业型）	湖南第一师范学院	澧县	城头山镇	城头山镇	小学教育
198	常德市	澧县	熊婷	女	湖南省乡村教师公费定向培养计划	普通全日制本科（全科型/专业型）	湖南第一师范学院	澧县	大堰垱镇	大堰垱镇	小学教育
199	常德市	澧县	秦静	女	湖南省乡村教师公费定向培养计划	普通全日制本科（全科型/专业型）	湖南第一师范学院	澧县	梦溪镇	梦溪镇	小学教育
200	常德市	澧县	邱琴	女	湖南省乡村教师公费定向培养计划	普通全日制本科（全科型/专业型）	湖南第一师范学院	澧县	复兴镇	复兴镇	小学教育
201	常德市	澧县	江梦	男	湖南省乡村教师公费定向培养计划	普通全日制本科（全科型/专业型）	湖南第一师范学院	澧县	小渡口镇	小渡口镇	小学教育
202	常德市	澧县	尹雨	女	湖南省乡村教师公费定向培养计划	普通全日制本科（全科型/专业型）	湖南第一师范学院	澧县	官垸镇	官垸镇	小学教育
203	常德市	澧县	薛嘉	女	湖南省乡村教师公费定向培养计划	普通全日制本科（全科型/专业型）	湖南第一师范学院	澧县	如东镇	如东镇	小学教育
204	常德市	澧县	闫欣	女	湖南省乡村教师公费定向培养计划	普通全日制本科（全科型/专业型）	湖南第一师范学院	澧县	涔南镇	涔南镇	小学教育
205	常德市	澧县	段婷	女	湖南省乡村教师公费定向培养计划	普通全日制本科（全科型/专业型）	湖南第一师范学院	澧县	车溪乡	车溪乡	小学教育
206	常德市	澧县	雷静	女	湖南省乡村教师公费定向培养计划	普通全日制本科（全科型/专业型）	湖南第一师范学院	澧县	澧阳街道	澧阳街道	小学教育
207	常德市	澧县	侯琴	女	湖南省乡村教师公费定向培养计划	普通全日制本科（全科型/专业型）	湖南第一师范学院	澧县	码头铺镇	码头铺镇	小学教育
208	常德市	澧县	龙梦	男	湖南省乡村教师公费定向培养计划	普通全日制本科（全科型/专业型）	湖南第一师范学院	澧县	甘溪滩镇	甘溪滩镇	小学教育
209	常德市	澧县	史雨	女	湖南省乡村教师公费定向培养计划	普通全日制本科（全科型/专业型）	湖南第一师范学院	澧县	火连坡镇	火连坡镇	小学教育
210	常德市	澧县	陶嘉	女	湖南省乡村教师公费定向培养计划	普通全日制本科（全科型/专业型）	湖南第一师范学院	澧县	盐井镇	盐井镇	小学教育
211	常德市	澧县	黎欣	女	湖南省乡村教师公费定向培养计划	普通全日制本科（全科型/专业型）	湖南第一师范学院	澧县	王家厂镇	王家厂镇	小学教育
212	常德市	澧县	贺婷	女	湖南省乡村教师公费定向培养计划	普通全日制本科（全科型/专业型）	湖南第一师范学院	澧县	城头山镇	城头山镇	小学教育
213	常德市	澧县	顾静	女	湖南省乡村教师公费定向培养计划	普通全日制本科（全科型/专业型）	湖南第一师范学院	澧县	大堰垱镇	大堰垱镇	小学教育
214	常德市	澧县	毛琴	女	湖南省乡村教师公费定向培养计划	普通全日制本科（全科型/专业型）	湖南第一师范学院	澧县	梦溪镇	梦溪镇	小学教育
215	常德市	澧县	郝梦	男	湖南省乡村教师公费定向培养计划	普通全日制本科（全科型/专业型）	湖南第一师范学院	澧县	复兴镇	复兴镇	小学教育
216	常德市	澧县	龚雨	女	湖南省乡村教师公费定向培养计划	普通全日制本科（全科型/专业型）	湖南第一师范学院	澧县	小渡口镇	小渡口镇	小学教育
217	常德市	澧县	邵嘉	女	湖南省乡村教师公费定向培养计划	普通全日制本科（全科型/专业型）	湖南第一师范学院	澧县	官垸镇	官垸镇	小学教育
218	常德市	澧县	万欣	女	湖南省乡村教师公费定向培养计划	普通全日制本科（全科型/专业型）	湖南第一师范学院	澧县	如东镇	如东镇	小学教育
219	常德市	澧县	覃婷	女	湖南省乡村教师公费定向培养计划	普通全日制本科（全科型/专业型）	湖南第一师范学院	澧县	涔南镇	涔南镇	小学教育
220	常德市	澧县	武静	女	湖南省乡村教师公费定向培养计划	普通全日制本科（全科型/专业型）	湖南第一师范学院	澧县	车溪乡	车溪乡	小学教育
221	常德市	澧县	钱琴	女	湖南省乡村教师公费定向培养计划	普通全日制本科（全科型/专业型）	湖南第一师范学院	澧县	澧阳街道	澧阳街道	小学教育
222	常德市	澧县	戴梦	男	湖南省乡村教师公费定向培养计划	普通全日制本科（全科型/专业型）	湖南第一师范学院	澧县	码头铺镇	码头铺镇	小学教育
